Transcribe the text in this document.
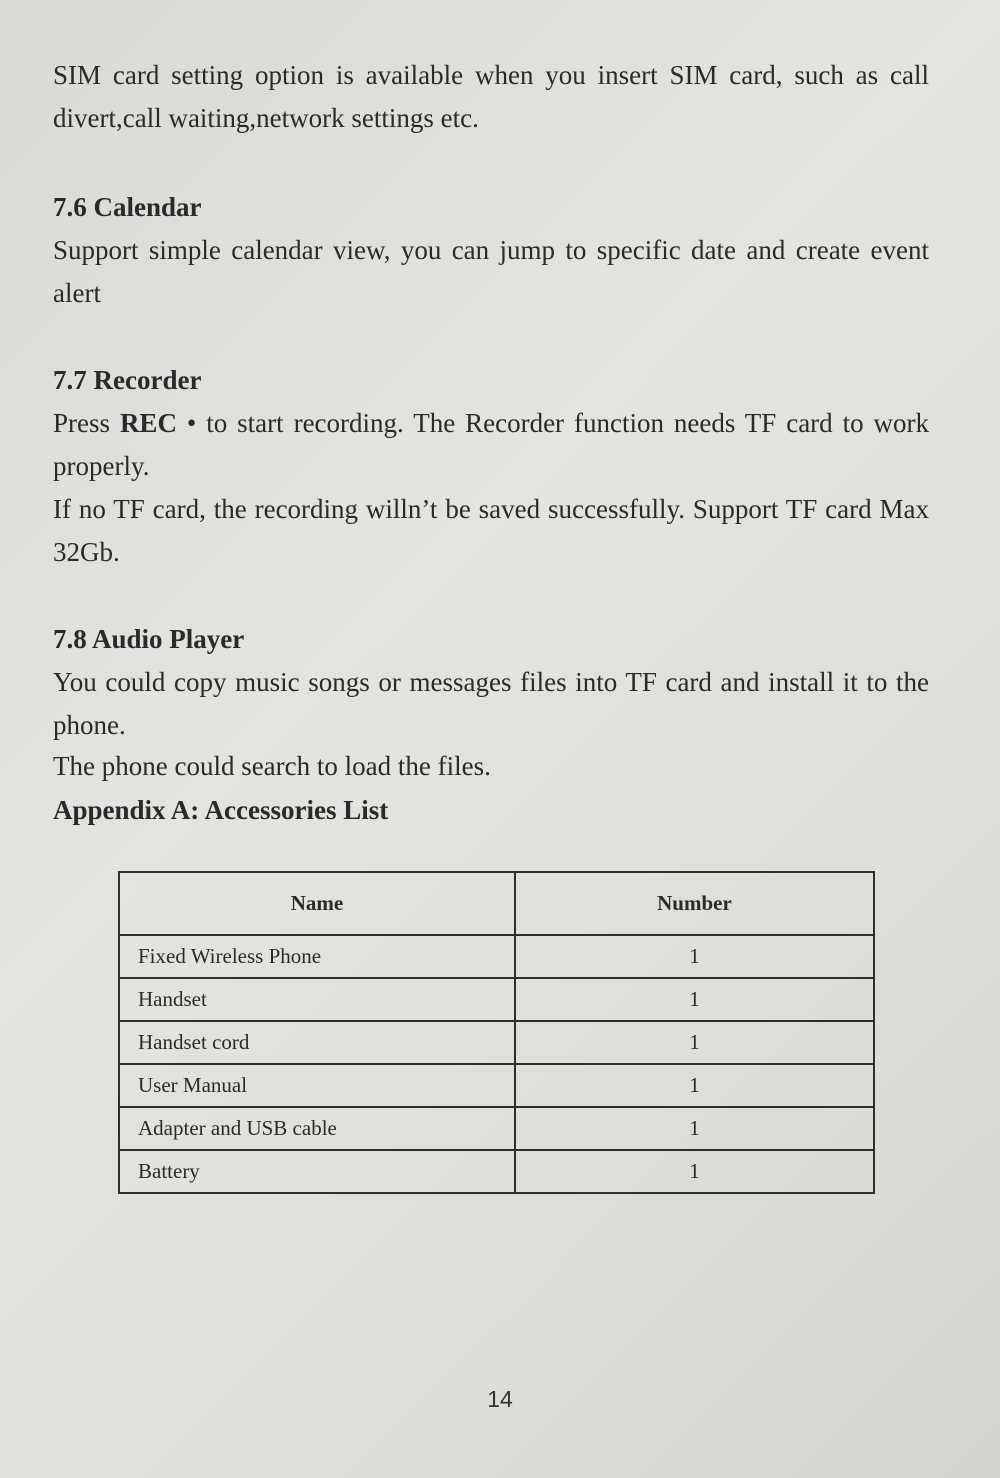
SIM card setting option is available when you insert SIM card, such as call divert,call waiting,network settings etc.

7.6 Calendar

Support simple calendar view, you can jump to specific date and create event alert

7.7 Recorder

Press REC • to start recording. The Recorder function needs TF card to work properly.

If no TF card, the recording willn’t be saved successfully. Support TF card Max 32Gb.

7.8 Audio Player

You could copy music songs or messages files into TF card and install it to the phone.

The phone could search to load the files.

Appendix A: Accessories List
Name	Number
Fixed Wireless Phone	1
Handset	1
Handset cord	1
User Manual	1
Adapter and USB cable	1
Battery	1
14
